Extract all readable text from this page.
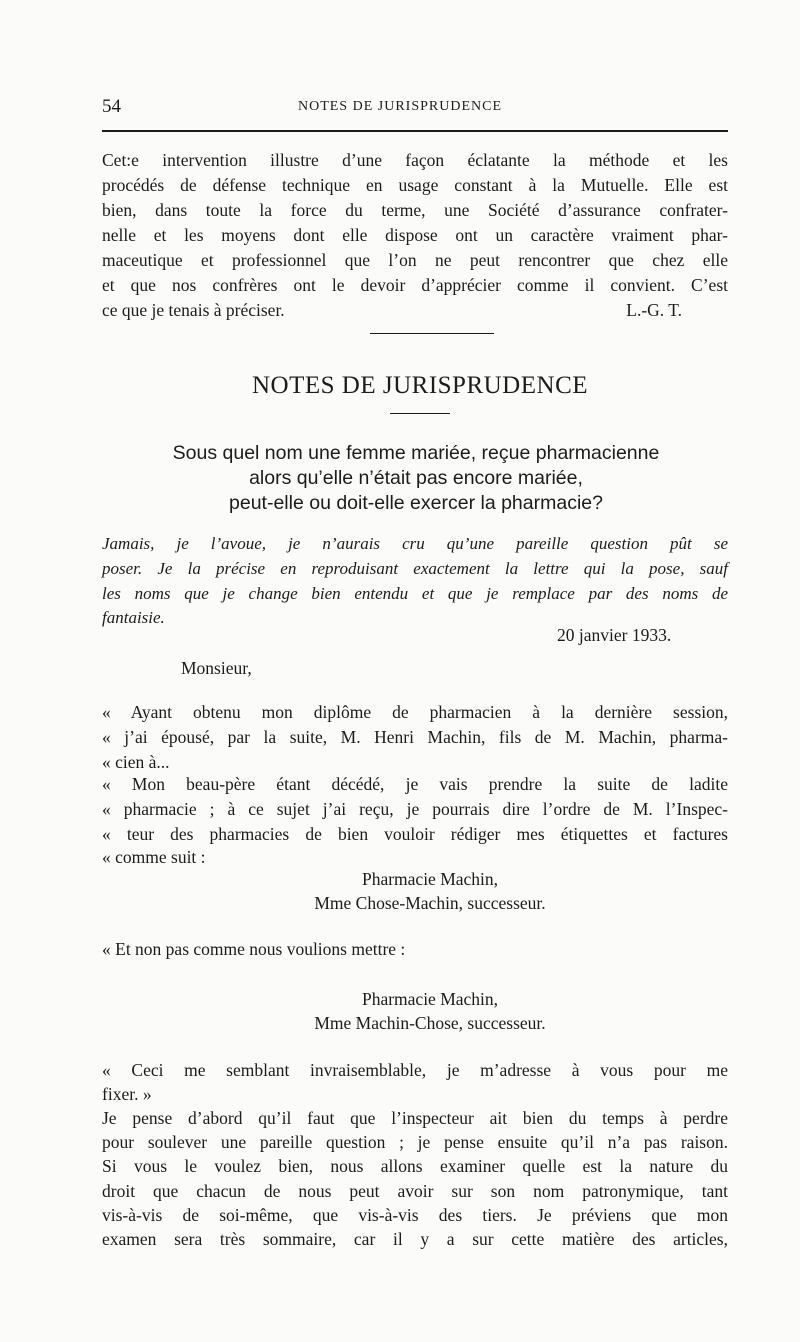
54	NOTES DE JURISPRUDENCE
Cet:e intervention illustre d’une façon éclatante la méthode et les
procédés de défense technique en usage constant à la Mutuelle. Elle est
bien, dans toute la force du terme, une Société d’assurance confrater-
nelle et les moyens dont elle dispose ont un caractère vraiment phar-
maceutique et professionnel que l’on ne peut rencontrer que chez elle
et que nos confrères ont le devoir d’apprécier comme il convient. C’est
ce que je tenais à préciser.	L.-G. T.
NOTES DE JURISPRUDENCE
Sous quel nom une femme mariée, reçue pharmacienne
alors qu’elle n’était pas encore mariée,
peut-elle ou doit-elle exercer la pharmacie?
Jamais, je l’avoue, je n’aurais cru qu’une pareille question pût se
poser. Je la précise en reproduisant exactement la lettre qui la pose, sauf
les noms que je change bien entendu et que je remplace par des noms de
fantaisie.
20 janvier 1933.
Monsieur,
« Ayant obtenu mon diplôme de pharmacien à la dernière session,
« j’ai épousé, par la suite, M. Henri Machin, fils de M. Machin, pharma-
« cien à...
« Mon beau-père étant décédé, je vais prendre la suite de ladite
« pharmacie ; à ce sujet j’ai reçu, je pourrais dire l’ordre de M. l’Inspec-
« teur des pharmacies de bien vouloir rédiger mes étiquettes et factures
« comme suit :
Pharmacie Machin,
Mme Chose-Machin, successeur.
« Et non pas comme nous voulions mettre :
Pharmacie Machin,
Mme Machin-Chose, successeur.
« Ceci me semblant invraisemblable, je m’adresse à vous pour me
fixer. »
Je pense d’abord qu’il faut que l’inspecteur ait bien du temps à perdre
pour soulever une pareille question ; je pense ensuite qu’il n’a pas raison.
Si vous le voulez bien, nous allons examiner quelle est la nature du
droit que chacun de nous peut avoir sur son nom patronymique, tant
vis-à-vis de soi-même, que vis-à-vis des tiers. Je préviens que mon
examen sera très sommaire, car il y a sur cette matière des articles,
